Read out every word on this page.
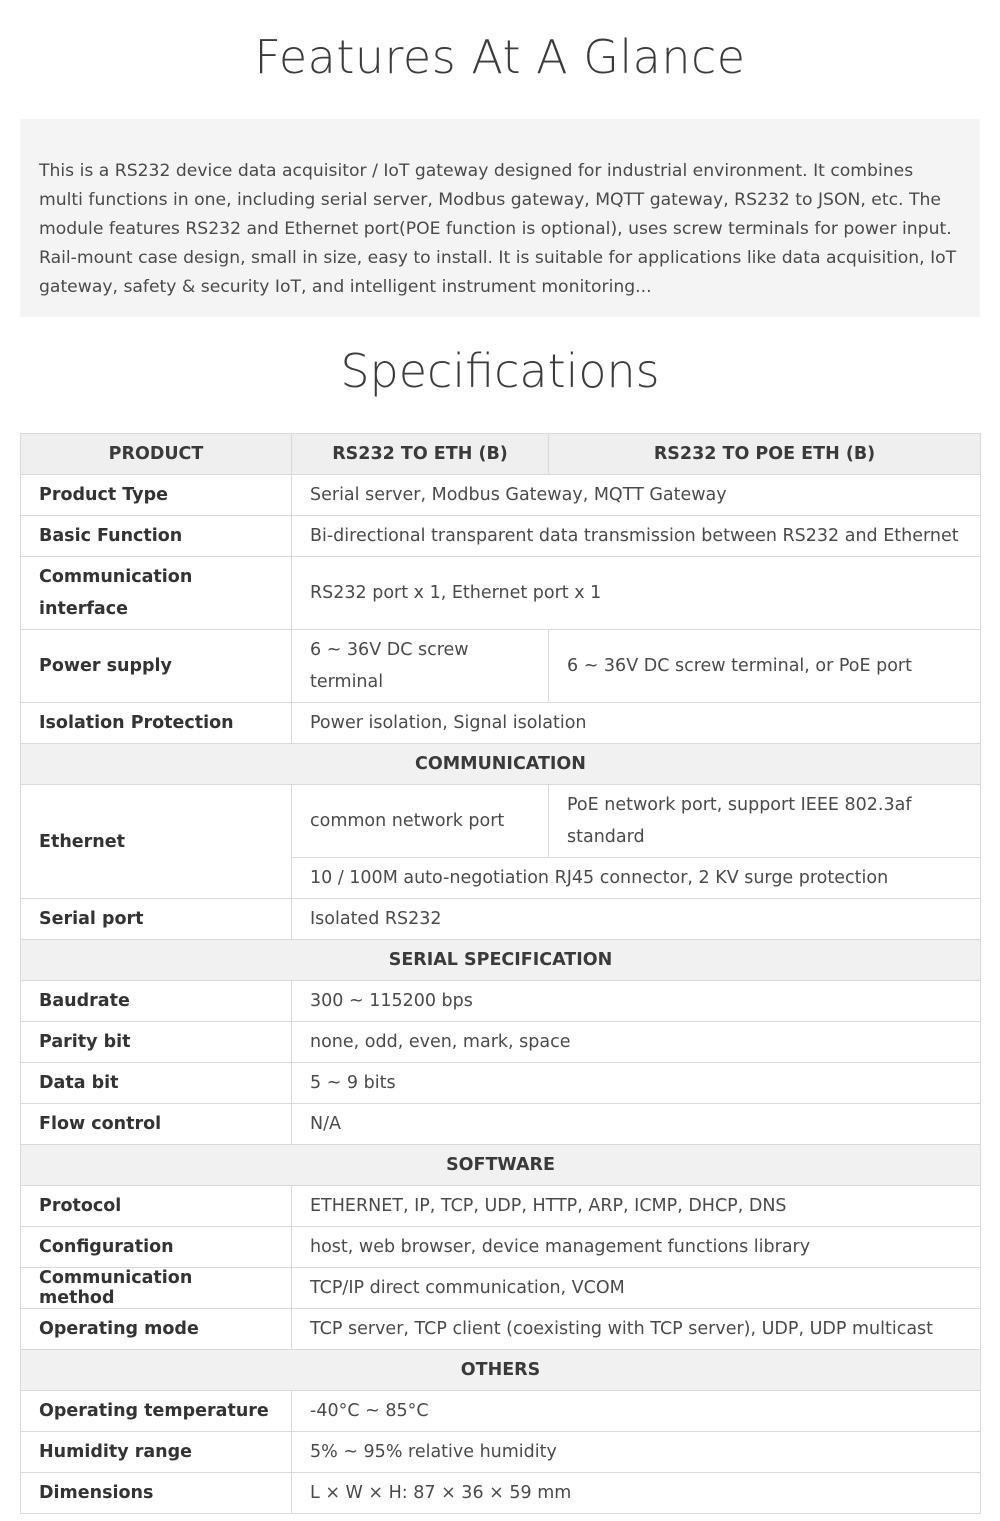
Features At A Glance
This is a RS232 device data acquisitor / IoT gateway designed for industrial environment. It combines multi functions in one, including serial server, Modbus gateway, MQTT gateway, RS232 to JSON, etc. The module features RS232 and Ethernet port(POE function is optional), uses screw terminals for power input. Rail-mount case design, small in size, easy to install. It is suitable for applications like data acquisition, IoT gateway, safety & security IoT, and intelligent instrument monitoring...
Specifications
PRODUCT	RS232 TO ETH (B)	RS232 TO POE ETH (B)
Product Type	Serial server, Modbus Gateway, MQTT Gateway	
Basic Function	Bi-directional transparent data transmission between RS232 and Ethernet	
Communication interface	RS232 port x 1, Ethernet port x 1	
Power supply	6 ~ 36V DC screw terminal	6 ~ 36V DC screw terminal, or PoE port
Isolation Protection	Power isolation, Signal isolation	
COMMUNICATION		
Ethernet	common network port	PoE network port, support IEEE 802.3af standard
	10 / 100M auto-negotiation RJ45 connector, 2 KV surge protection	
Serial port	Isolated RS232	
SERIAL SPECIFICATION		
Baudrate	300 ~ 115200 bps	
Parity bit	none, odd, even, mark, space	
Data bit	5 ~ 9 bits	
Flow control	N/A	
SOFTWARE		
Protocol	ETHERNET, IP, TCP, UDP, HTTP, ARP, ICMP, DHCP, DNS	
Configuration	host, web browser, device management functions library	
Communication method	TCP/IP direct communication, VCOM	
Operating mode	TCP server, TCP client (coexisting with TCP server), UDP, UDP multicast	
OTHERS		
Operating temperature	-40°C ~ 85°C	
Humidity range	5% ~ 95% relative humidity	
Dimensions	L × W × H: 87 × 36 × 59 mm	
